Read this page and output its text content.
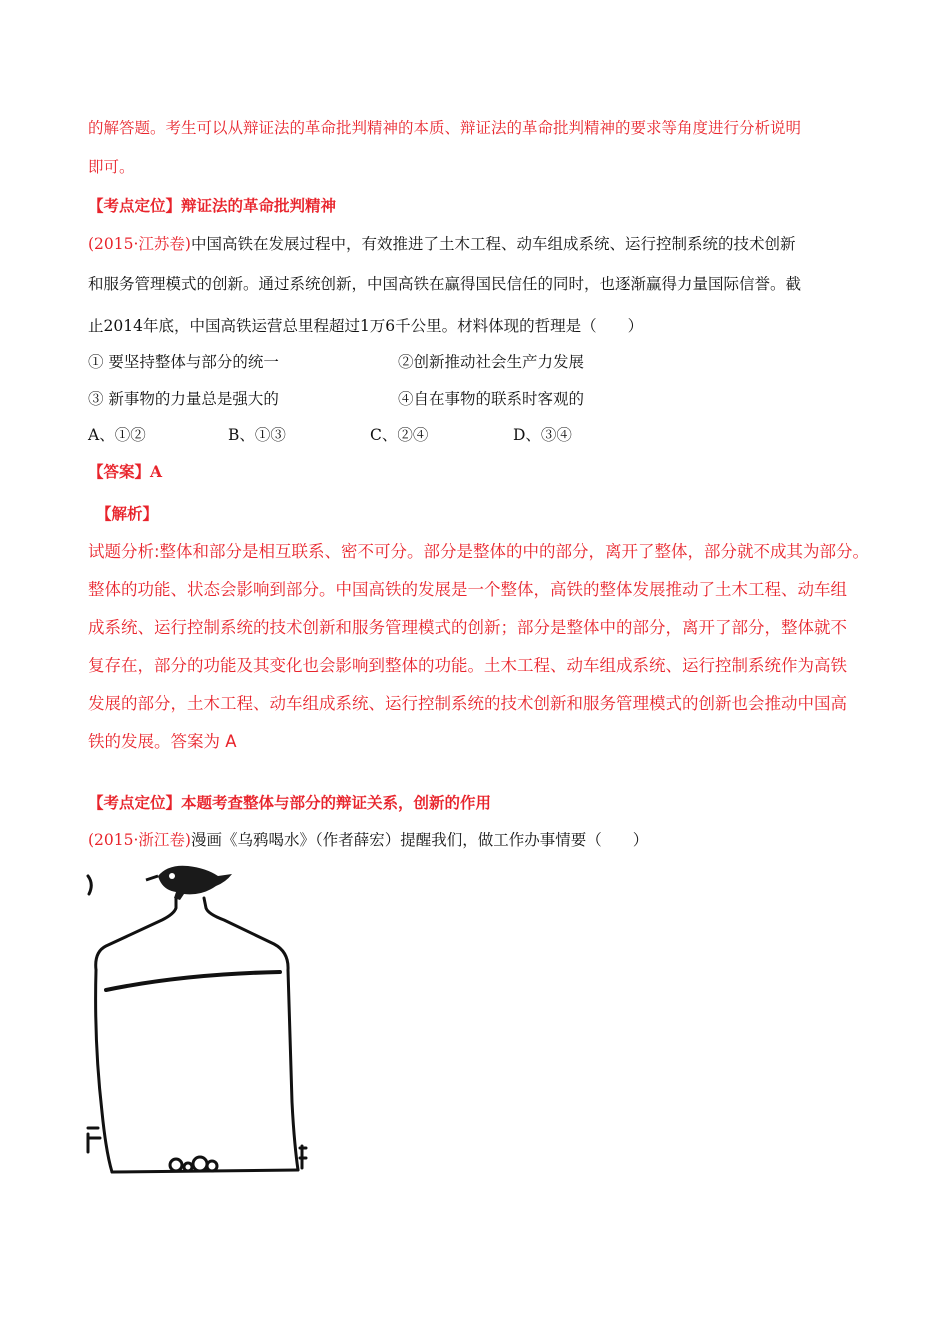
的解答题。考生可以从辩证法的革命批判精神的本质、辩证法的革命批判精神的要求等角度进行分析说明
即可。
【考点定位】辩证法的革命批判精神
(2015·江苏卷)中国高铁在发展过程中，有效推进了土木工程、动车组成系统、运行控制系统的技术创新
和服务管理模式的创新。通过系统创新，中国高铁在赢得国民信任的同时，也逐渐赢得力量国际信誉。截
止2014年底，中国高铁运营总里程超过1万6千公里。材料体现的哲理是（　　）
① 要坚持整体与部分的统一	②创新推动社会生产力发展
③ 新事物的力量总是强大的	④自在事物的联系时客观的
A、①②	B、①③	C、②④	D、③④
【答案】A
【解析】
试题分析:整体和部分是相互联系、密不可分。部分是整体的中的部分，离开了整体，部分就不成其为部分。
整体的功能、状态会影响到部分。中国高铁的发展是一个整体，高铁的整体发展推动了土木工程、动车组
成系统、运行控制系统的技术创新和服务管理模式的创新；部分是整体中的部分，离开了部分，整体就不
复存在，部分的功能及其变化也会影响到整体的功能。土木工程、动车组成系统、运行控制系统作为高铁
发展的部分，土木工程、动车组成系统、运行控制系统的技术创新和服务管理模式的创新也会推动中国高
铁的发展。答案为 A
【考点定位】本题考查整体与部分的辩证关系，创新的作用
(2015·浙江卷)漫画《乌鸦喝水》（作者薛宏）提醒我们，做工作办事情要（　　）
